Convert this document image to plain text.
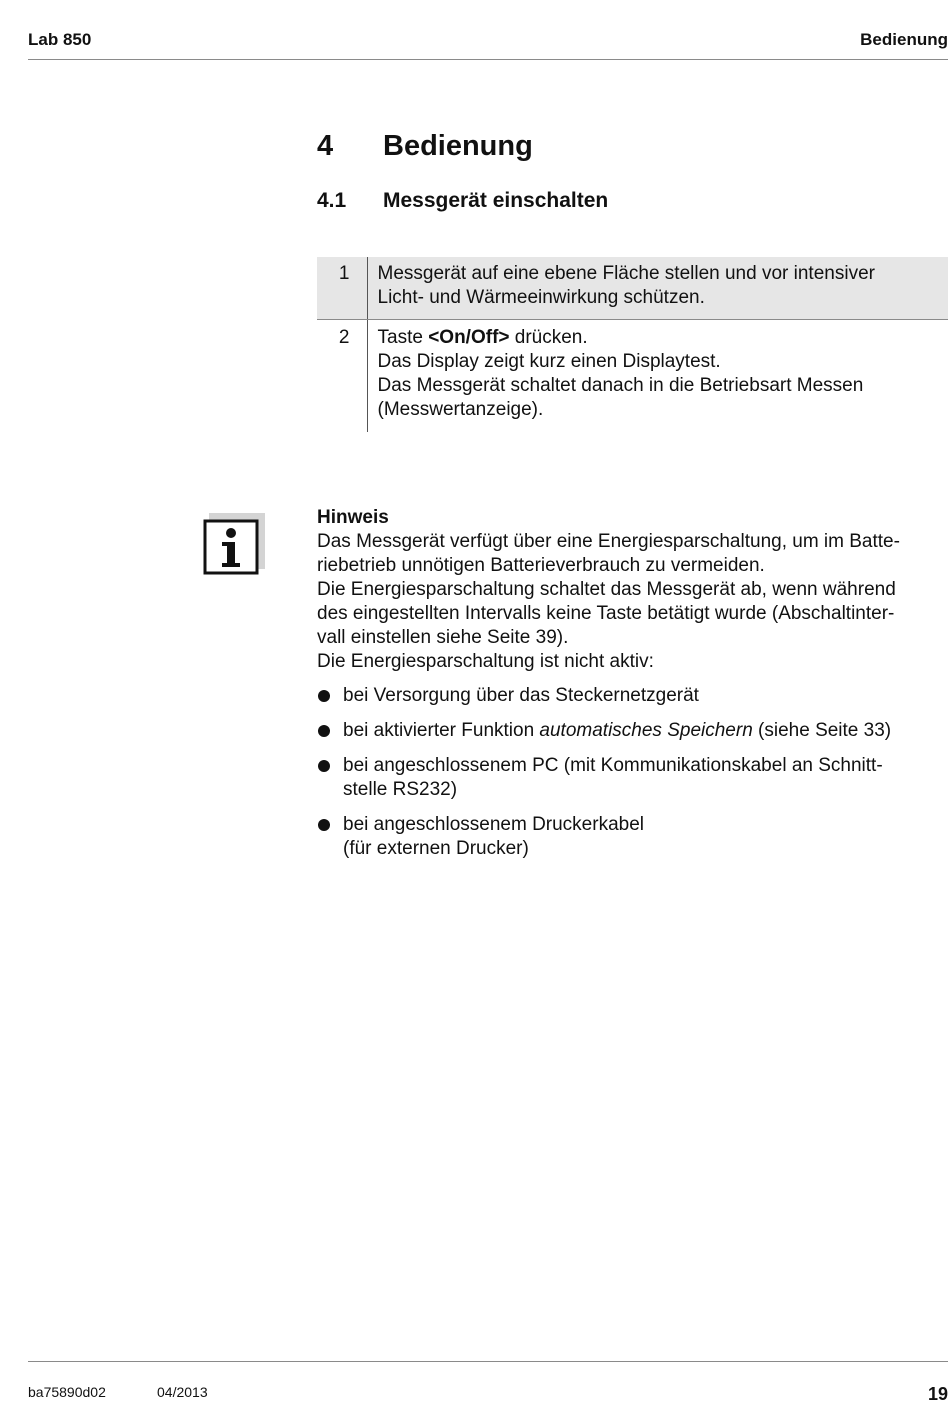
Lab 850	Bedienung
4 Bedienung
4.1 Messgerät einschalten
1	Messgerät auf eine ebene Fläche stellen und vor intensiver
Licht- und Wärmeeinwirkung schützen.

2	Taste <On/Off> drücken.
Das Display zeigt kurz einen Displaytest.
Das Messgerät schaltet danach in die Betriebsart Messen
(Messwertanzeige).
Hinweis
Das Messgerät verfügt über eine Energiesparschaltung, um im Batte-
riebetrieb unnötigen Batterieverbrauch zu vermeiden.
Die Energiesparschaltung schaltet das Messgerät ab, wenn während
des eingestellten Intervalls keine Taste betätigt wurde (Abschaltinter-
vall einstellen siehe Seite 39).
Die Energiesparschaltung ist nicht aktiv:
bei Versorgung über das Steckernetzgerät
bei aktivierter Funktion automatisches Speichern (siehe Seite 33)
bei angeschlossenem PC (mit Kommunikationskabel an Schnitt-
stelle RS232)
bei angeschlossenem Druckerkabel
(für externen Drucker)
ba75890d02	04/2013	19
